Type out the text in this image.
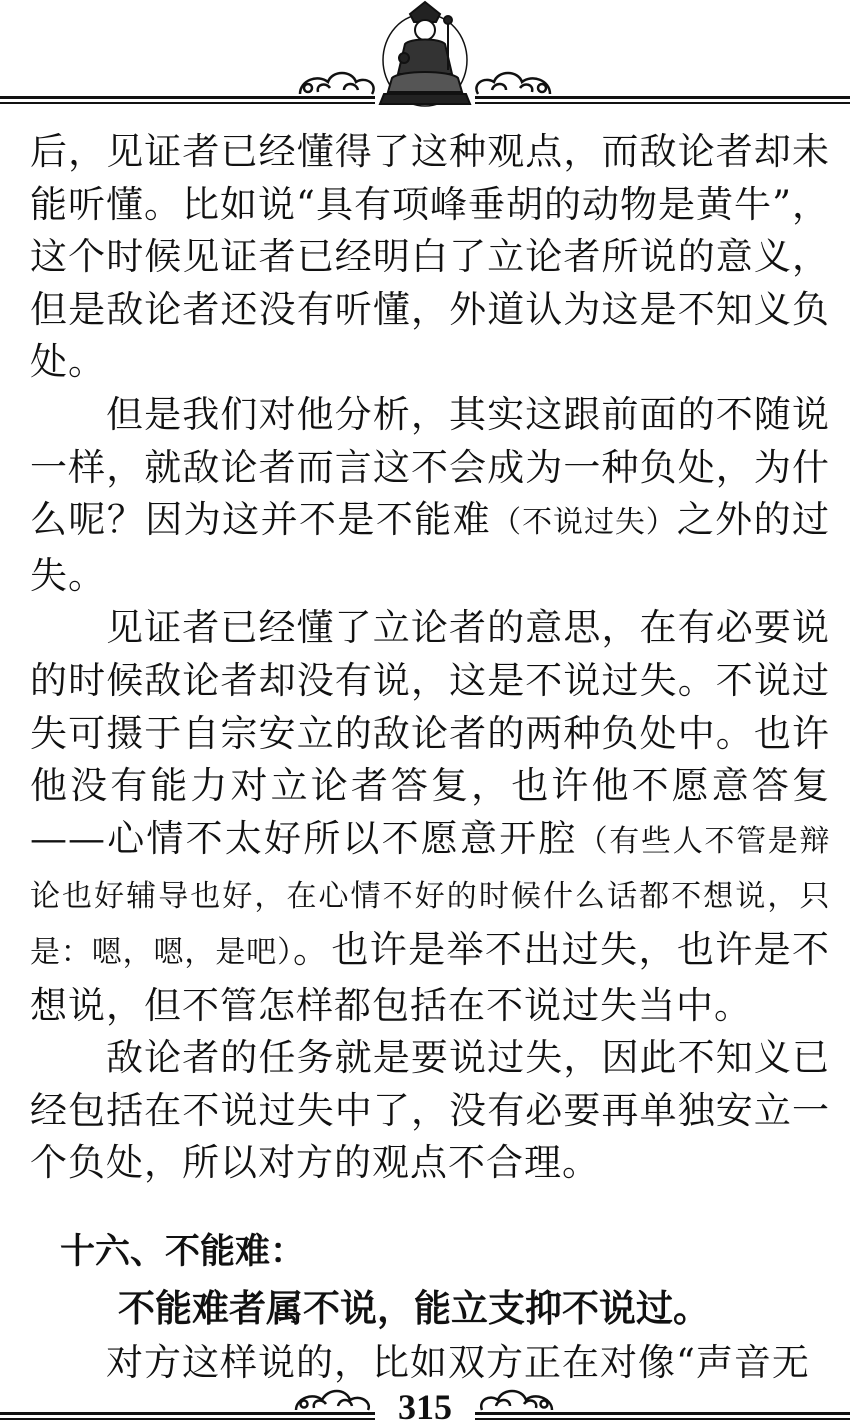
后，见证者已经懂得了这种观点，而敌论者却未能听懂。比如说“具有项峰垂胡的动物是黄牛”，这个时候见证者已经明白了立论者所说的意义，但是敌论者还没有听懂，外道认为这是不知义负处。

但是我们对他分析，其实这跟前面的不随说一样，就敌论者而言这不会成为一种负处，为什么呢？因为这并不是不能难（不说过失）之外的过失。

见证者已经懂了立论者的意思，在有必要说的时候敌论者却没有说，这是不说过失。不说过失可摄于自宗安立的敌论者的两种负处中。也许他没有能力对立论者答复，也许他不愿意答复——心情不太好所以不愿意开腔（有些人不管是辩论也好辅导也好，在心情不好的时候什么话都不想说，只是：嗯，嗯，是吧）。也许是举不出过失，也许是不想说，但不管怎样都包括在不说过失当中。

敌论者的任务就是要说过失，因此不知义已经包括在不说过失中了，没有必要再单独安立一个负处，所以对方的观点不合理。

十六、不能难：

不能难者属不说，能立支抑不说过。

对方这样说的，比如双方正在对像“声音无

315
